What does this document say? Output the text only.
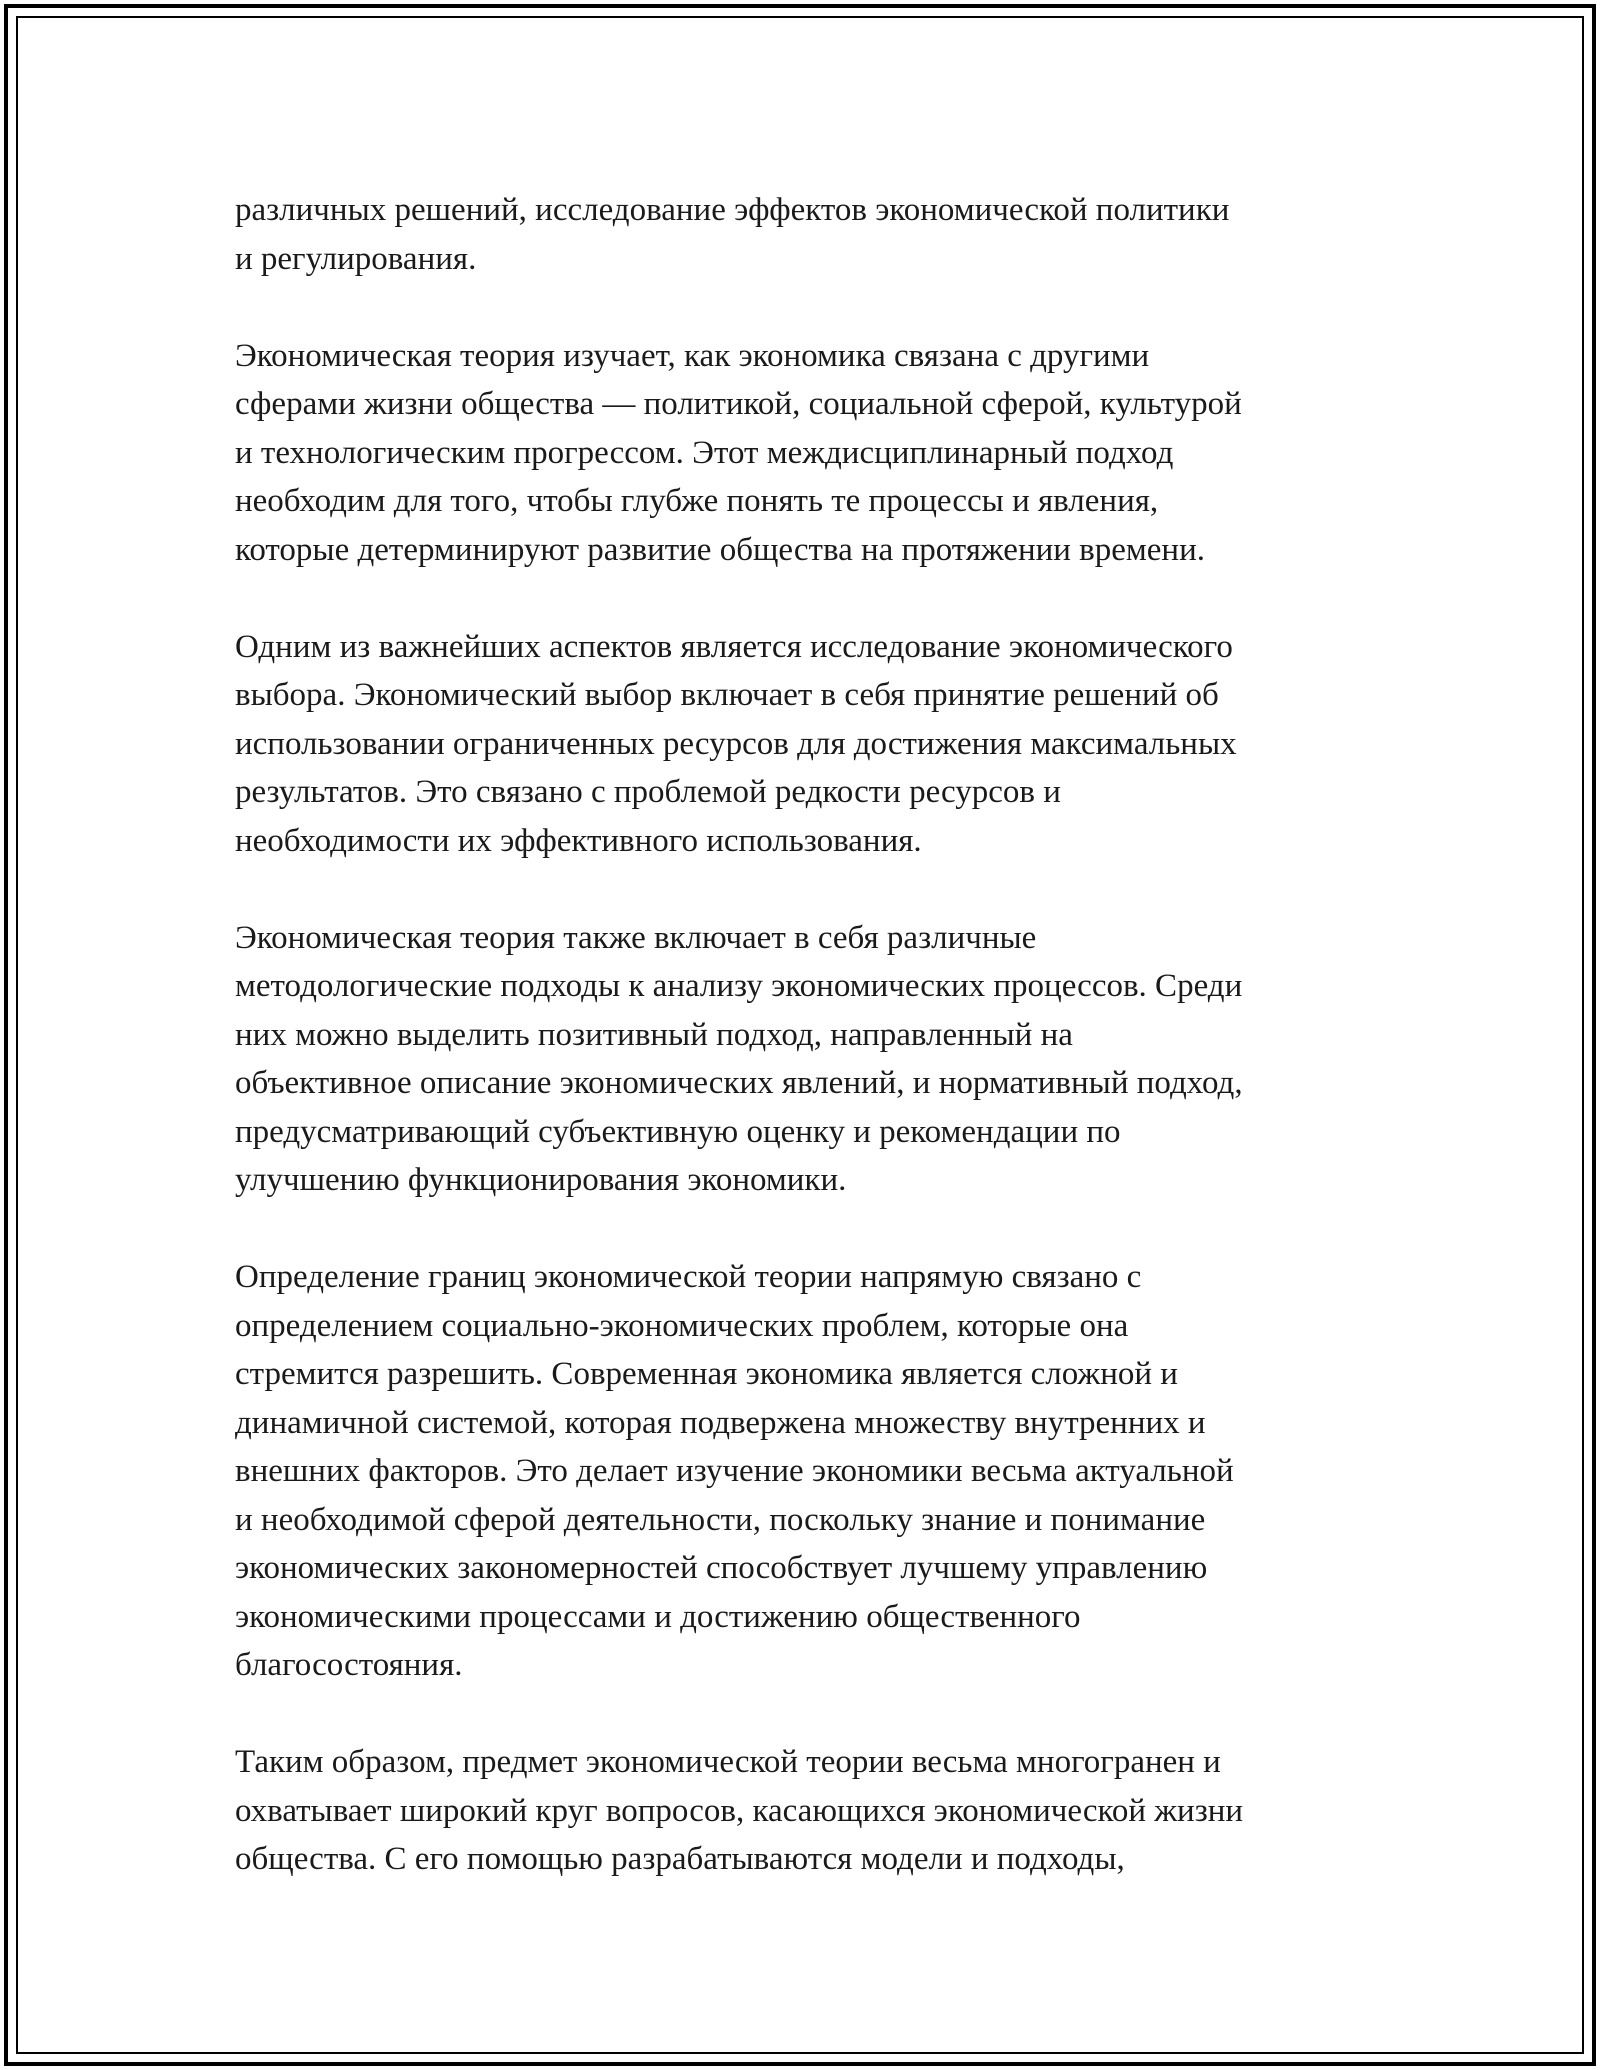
различных решений, исследование эффектов экономической политики
и регулирования.

Экономическая теория изучает, как экономика связана с другими
сферами жизни общества — политикой, социальной сферой, культурой
и технологическим прогрессом. Этот междисциплинарный подход
необходим для того, чтобы глубже понять те процессы и явления,
которые детерминируют развитие общества на протяжении времени.

Одним из важнейших аспектов является исследование экономического
выбора. Экономический выбор включает в себя принятие решений об
использовании ограниченных ресурсов для достижения максимальных
результатов. Это связано с проблемой редкости ресурсов и
необходимости их эффективного использования.

Экономическая теория также включает в себя различные
методологические подходы к анализу экономических процессов. Среди
них можно выделить позитивный подход, направленный на
объективное описание экономических явлений, и нормативный подход,
предусматривающий субъективную оценку и рекомендации по
улучшению функционирования экономики.

Определение границ экономической теории напрямую связано с
определением социально-экономических проблем, которые она
стремится разрешить. Современная экономика является сложной и
динамичной системой, которая подвержена множеству внутренних и
внешних факторов. Это делает изучение экономики весьма актуальной
и необходимой сферой деятельности, поскольку знание и понимание
экономических закономерностей способствует лучшему управлению
экономическими процессами и достижению общественного
благосостояния.

Таким образом, предмет экономической теории весьма многогранен и
охватывает широкий круг вопросов, касающихся экономической жизни
общества. С его помощью разрабатываются модели и подходы,
